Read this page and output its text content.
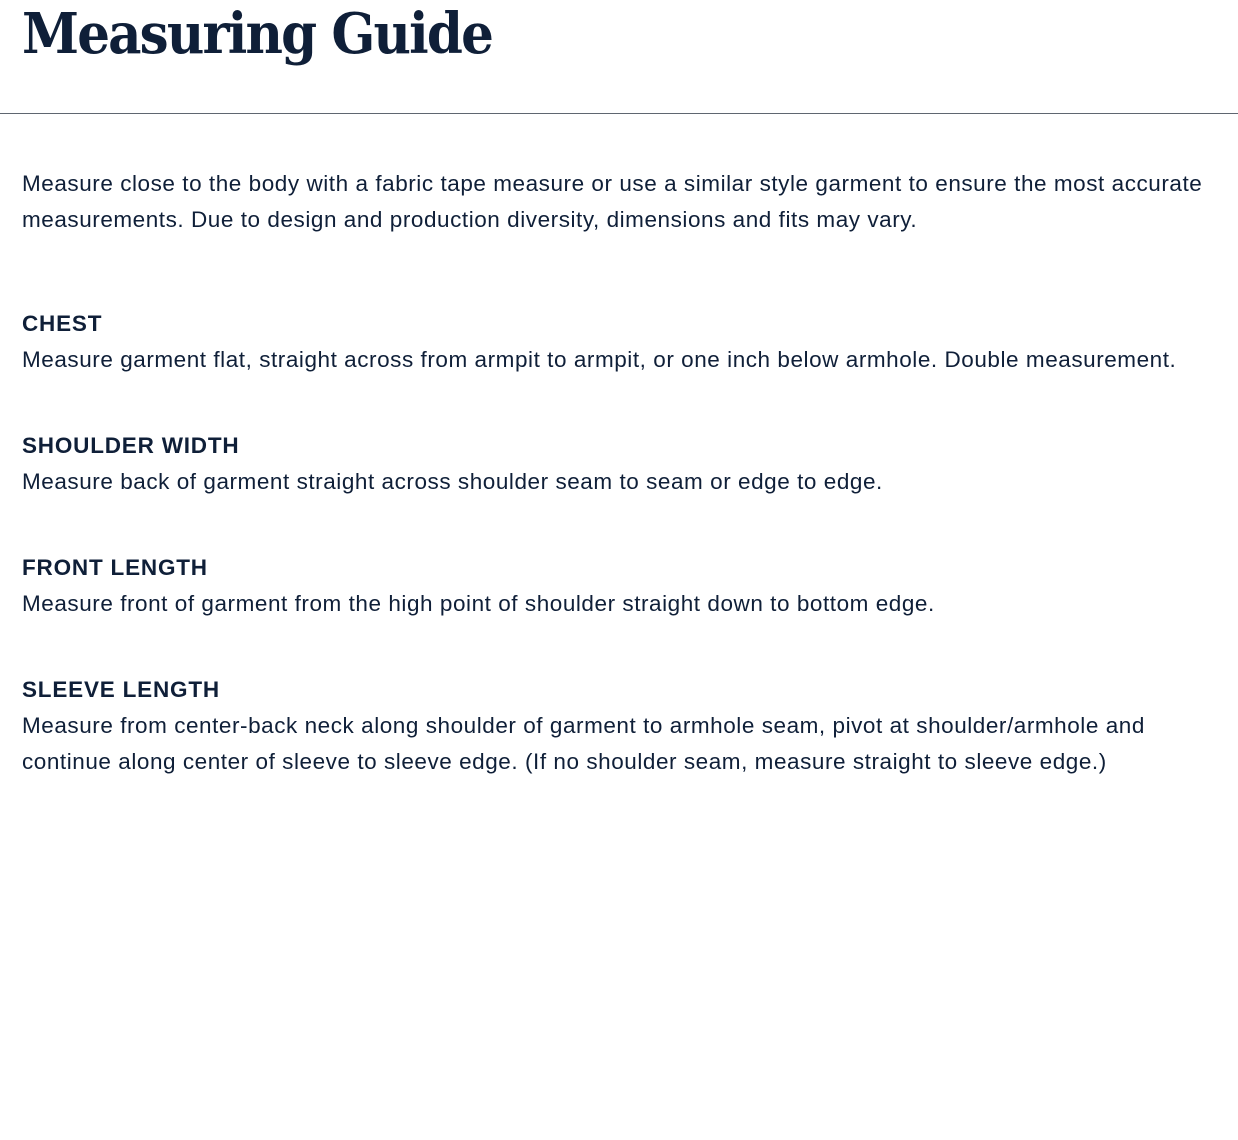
Measuring Guide

Measure close to the body with a fabric tape measure or use a similar style garment to ensure the most accurate measurements. Due to design and production diversity, dimensions and fits may vary.

CHEST

Measure garment flat, straight across from armpit to armpit, or one inch below armhole. Double measurement.

SHOULDER WIDTH

Measure back of garment straight across shoulder seam to seam or edge to edge.

FRONT LENGTH

Measure front of garment from the high point of shoulder straight down to bottom edge.

SLEEVE LENGTH

Measure from center-back neck along shoulder of garment to armhole seam, pivot at shoulder/armhole and continue along center of sleeve to sleeve edge. (If no shoulder seam, measure straight to sleeve edge.)
